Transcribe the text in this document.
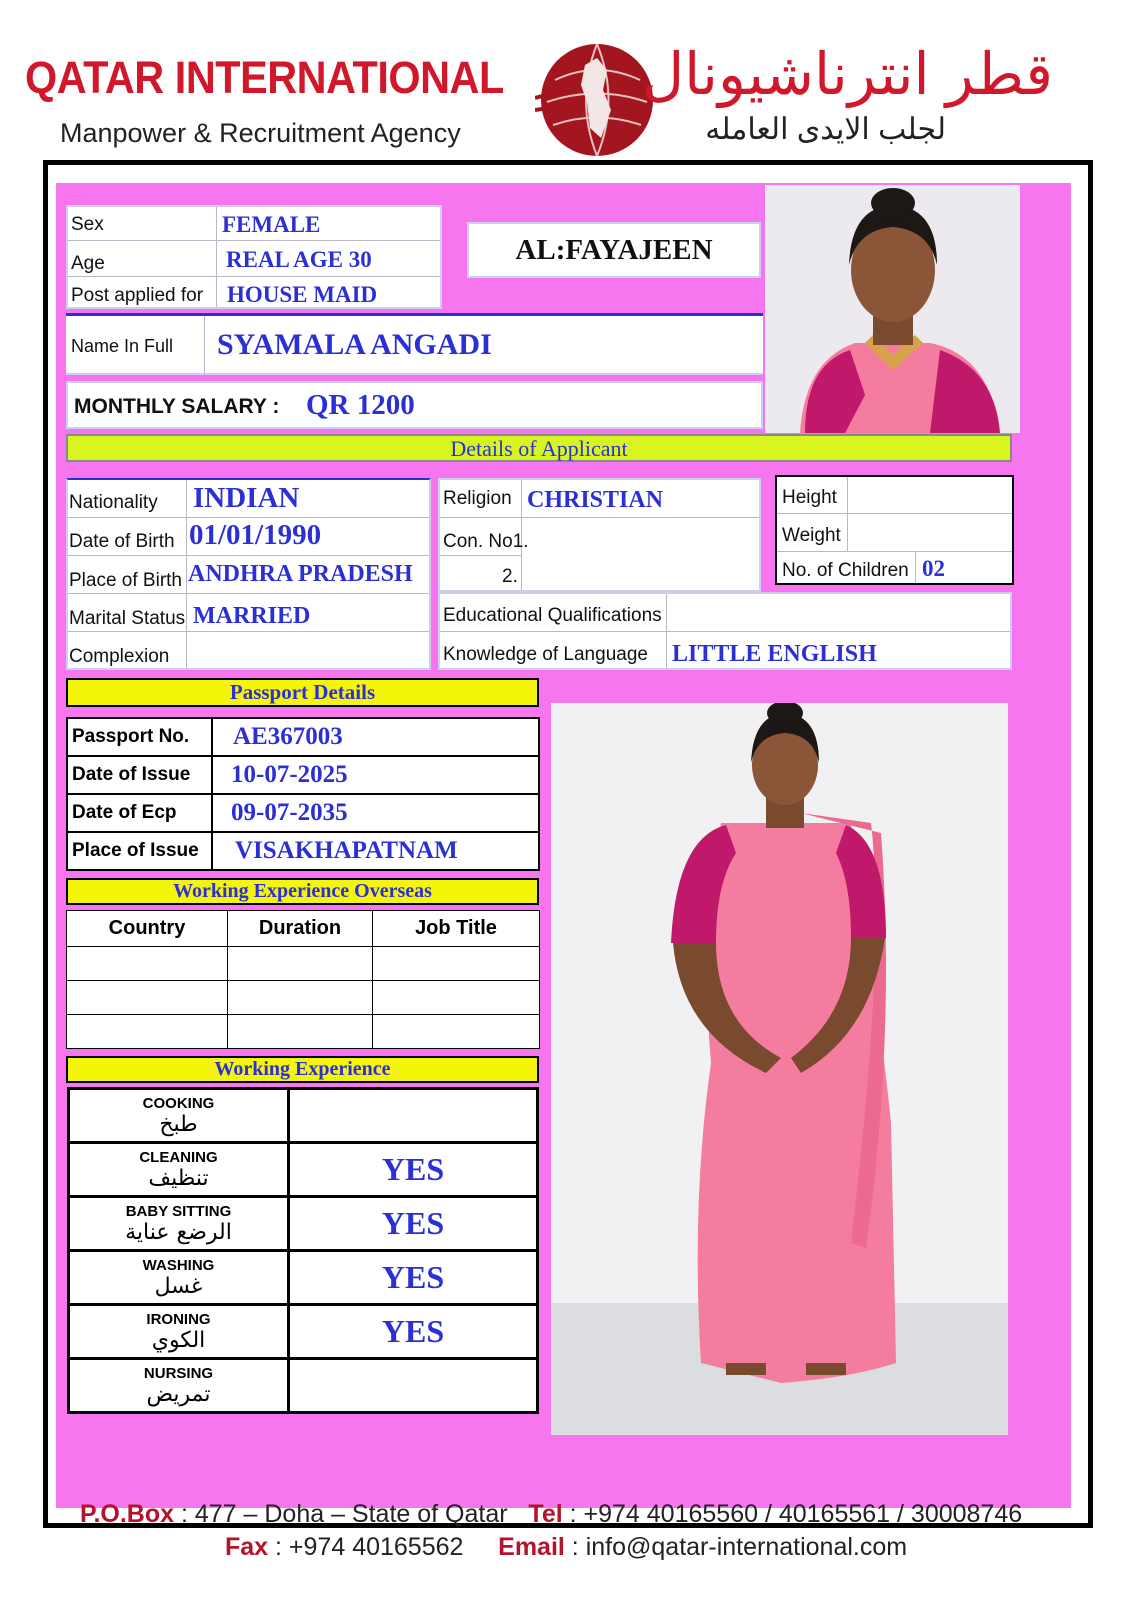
QATAR INTERNATIONAL
Manpower & Recruitment Agency
قطر انترناشيونال
لجلب الايدى العامله
Sex	FEMALE
Age	REAL AGE 30
Post applied for HOUSE MAID
AL:FAYAJEEN
Name In Full SYAMALA ANGADI
MONTHLY SALARY : QR 1200
Details of Applicant
Nationality INDIAN
Date of Birth 01/01/1990
Place of Birth ANDHRA PRADESH
Marital Status MARRIED
Complexion
Religion CHRISTIAN
Con. No1.
2.
Height
Weight
No. of Children 02
Educational Qualifications
Knowledge of Language LITTLE ENGLISH
Passport Details
Passport No.	AE367003
Date of Issue	10-07-2025
Date of Ecp	09-07-2035
Place of Issue	VISAKHAPATNAM
Working Experience Overseas
Country	Duration	Job Title

Working Experience
COOKING
طبخ	

CLEANING
تنظيف	YES

BABY SITTING
الرضع عناية	YES

WASHING
غسل	YES

IRONING
الكوي	YES

NURSING
تمريض	

P.O.Box : 477 – Doha – State of Qatar Tel : +974 40165560 / 40165561 / 30008746
Fax : +974 40165562 Email : info@qatar-international.com
